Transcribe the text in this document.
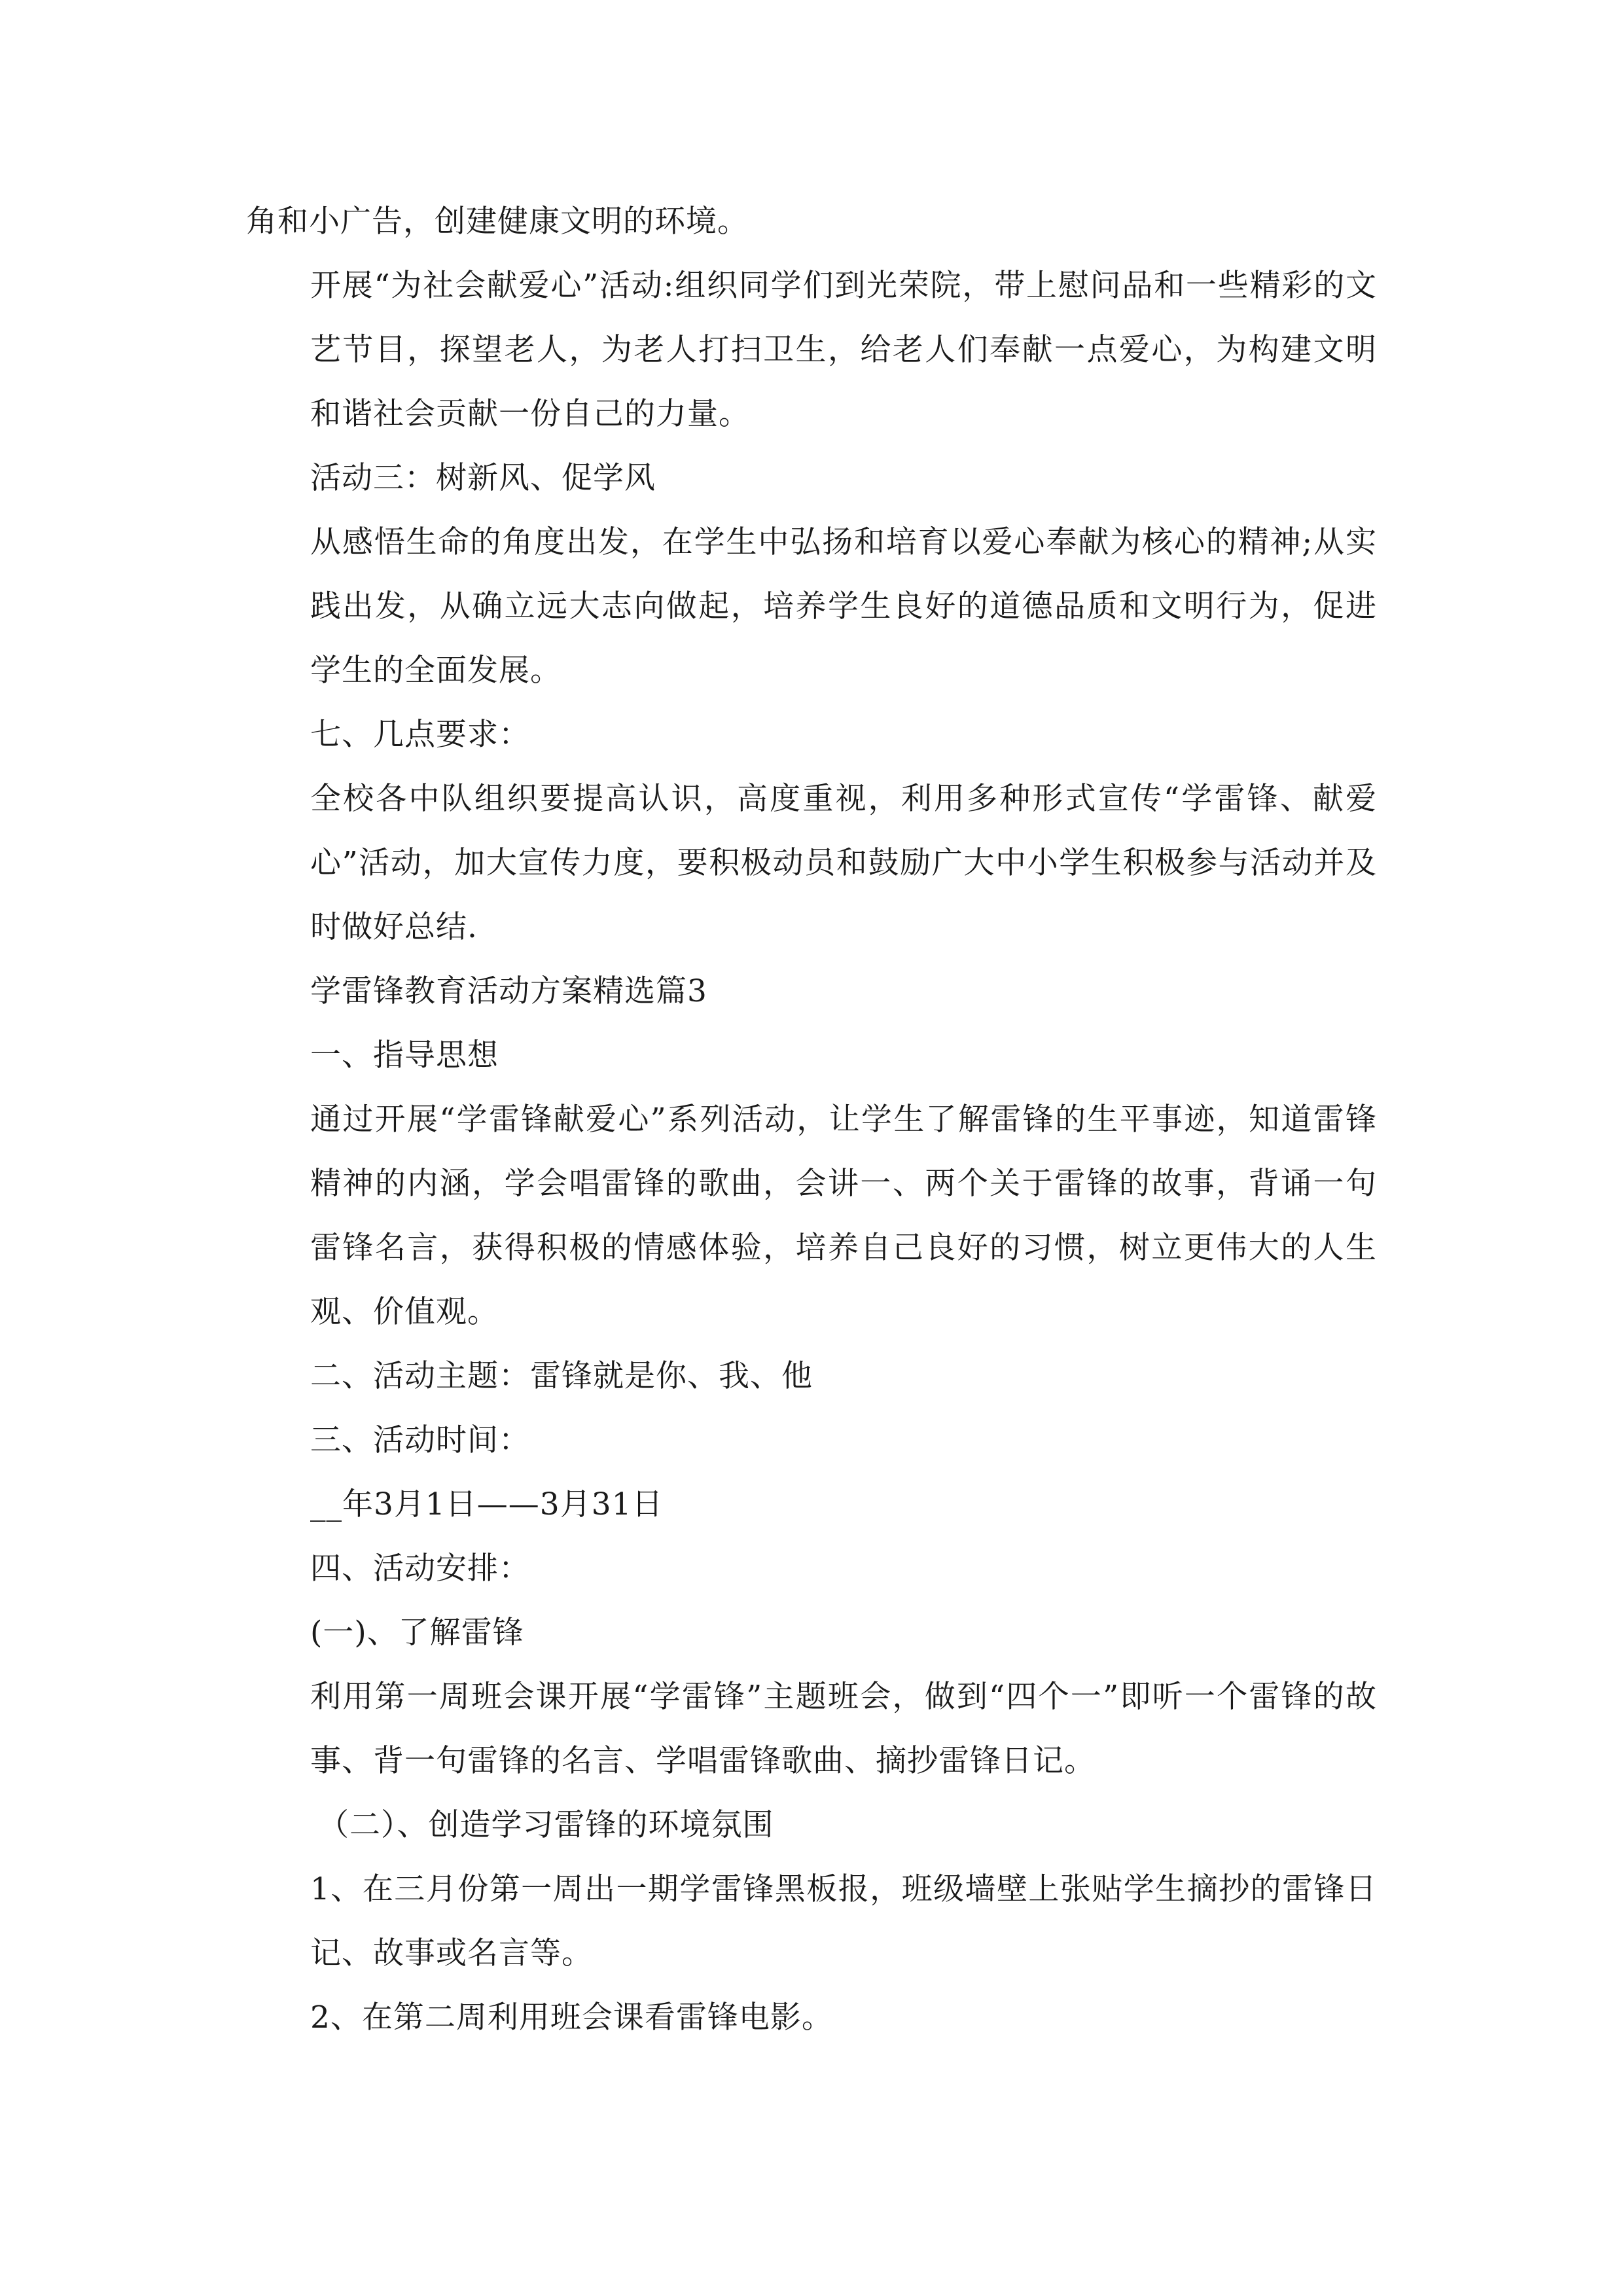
角和小广告，创建健康文明的环境。

开展“为社会献爱心”活动:组织同学们到光荣院，带上慰问品和一些精彩的文艺节目，探望老人，为老人打扫卫生，给老人们奉献一点爱心，为构建文明和谐社会贡献一份自己的力量。

活动三：树新风、促学风

从感悟生命的角度出发，在学生中弘扬和培育以爱心奉献为核心的精神;从实践出发，从确立远大志向做起，培养学生良好的道德品质和文明行为，促进学生的全面发展。

七、几点要求：

全校各中队组织要提高认识，高度重视，利用多种形式宣传“学雷锋、献爱心”活动，加大宣传力度，要积极动员和鼓励广大中小学生积极参与活动并及时做好总结.

学雷锋教育活动方案精选篇3

一、指导思想

通过开展“学雷锋献爱心”系列活动，让学生了解雷锋的生平事迹，知道雷锋精神的内涵，学会唱雷锋的歌曲，会讲一、两个关于雷锋的故事，背诵一句雷锋名言，获得积极的情感体验，培养自己良好的习惯，树立更伟大的人生观、价值观。

二、活动主题：雷锋就是你、我、他

三、活动时间：

__年3月1日——3月31日

四、活动安排：

(一)、了解雷锋

利用第一周班会课开展“学雷锋”主题班会，做到“四个一”即听一个雷锋的故事、背一句雷锋的名言、学唱雷锋歌曲、摘抄雷锋日记。

（二）、创造学习雷锋的环境氛围

1、在三月份第一周出一期学雷锋黑板报，班级墙壁上张贴学生摘抄的雷锋日记、故事或名言等。

2、在第二周利用班会课看雷锋电影。
